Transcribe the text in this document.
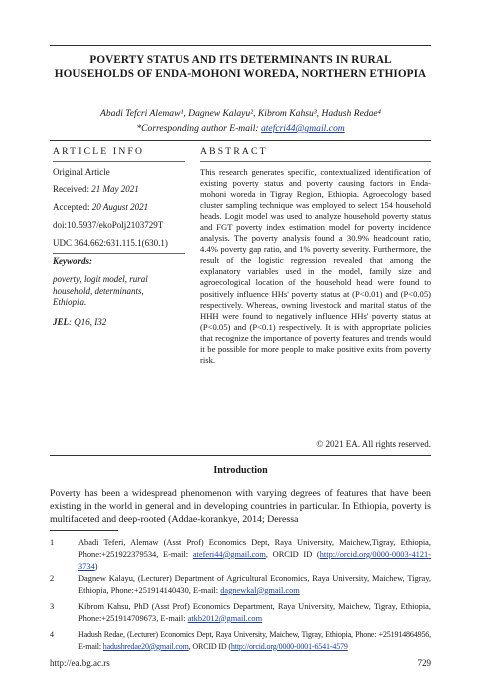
POVERTY STATUS AND ITS DETERMINANTS IN RURAL HOUSEHOLDS OF ENDA-MOHONI WOREDA, NORTHERN ETHIOPIA
Abadi Tefcri Alemaw¹, Dagnew Kalayu², Kibrom Kahsu³, Hadush Redae⁴
*Corresponding author E-mail: atefcri44@gmail.com
ARTICLE INFO
Original Article
Received: 21 May 2021
Accepted: 20 August 2021
doi:10.5937/ekoPolj2103729T
UDC 364.662:631.115.1(630.1)
Keywords:
poverty, logit model, rural household, determinants, Ethiopia.
JEL: Q16, I32
ABSTRACT
This research generates specific, contextualized identification of existing poverty status and poverty causing factors in Enda-mohoni woreda in Tigray Region, Ethiopia. Agroecology based cluster sampling technique was employed to select 154 household heads. Logit model was used to analyze household poverty status and FGT poverty index estimation model for poverty incidence analysis. The poverty analysis found a 30.9% headcount ratio, 4.4% poverty gap ratio, and 1% poverty severity. Furthermore, the result of the logistic regression revealed that among the explanatory variables used in the model, family size and agroecological location of the household head were found to positively influence HHs' poverty status at (P<0.01) and (P<0.05) respectively. Whereas, owning livestock and marital status of the HHH were found to negatively influence HHs' poverty status at (P<0.05) and (P<0.1) respectively. It is with appropriate policies that recognize the importance of poverty features and trends would it be possible for more people to make positive exits from poverty risk.
© 2021 EA. All rights reserved.
Introduction
Poverty has been a widespread phenomenon with varying degrees of features that have been existing in the world in general and in developing countries in particular. In Ethiopia, poverty is multifaceted and deep-rooted (Addae-korankye, 2014; Deressa
1	Abadi Teferi, Alemaw (Asst Prof) Economics Dept, Raya University, Maichew,Tigray, Ethiopia, Phone:+251922379534, E-mail: ateferi44@gmail.com, ORCID ID (http://orcid.org/0000-0003-4121-3734)
2	Dagnew Kalayu, (Lecturer) Department of Agricultural Economics, Raya University, Maichew, Tigray, Ethiopia, Phone:+251914140430, E-mail: dagnewkal@gmail.com
3	Kibrom Kahsu, PhD (Asst Prof) Economics Department, Raya University, Maichew, Tigray, Ethiopia, Phone:+251914709673, E-mail: atkb2012@gmail.com
4	Hadush Redae, (Lecturer) Economics Dept, Raya University, Maichew, Tigray, Ethiopia, Phone: +251914864956, E-mail: hadushredae20@gmail.com, ORCID ID (http://orcid.org/0000-0001-6541-4579
http://ea.bg.ac.rs	729
